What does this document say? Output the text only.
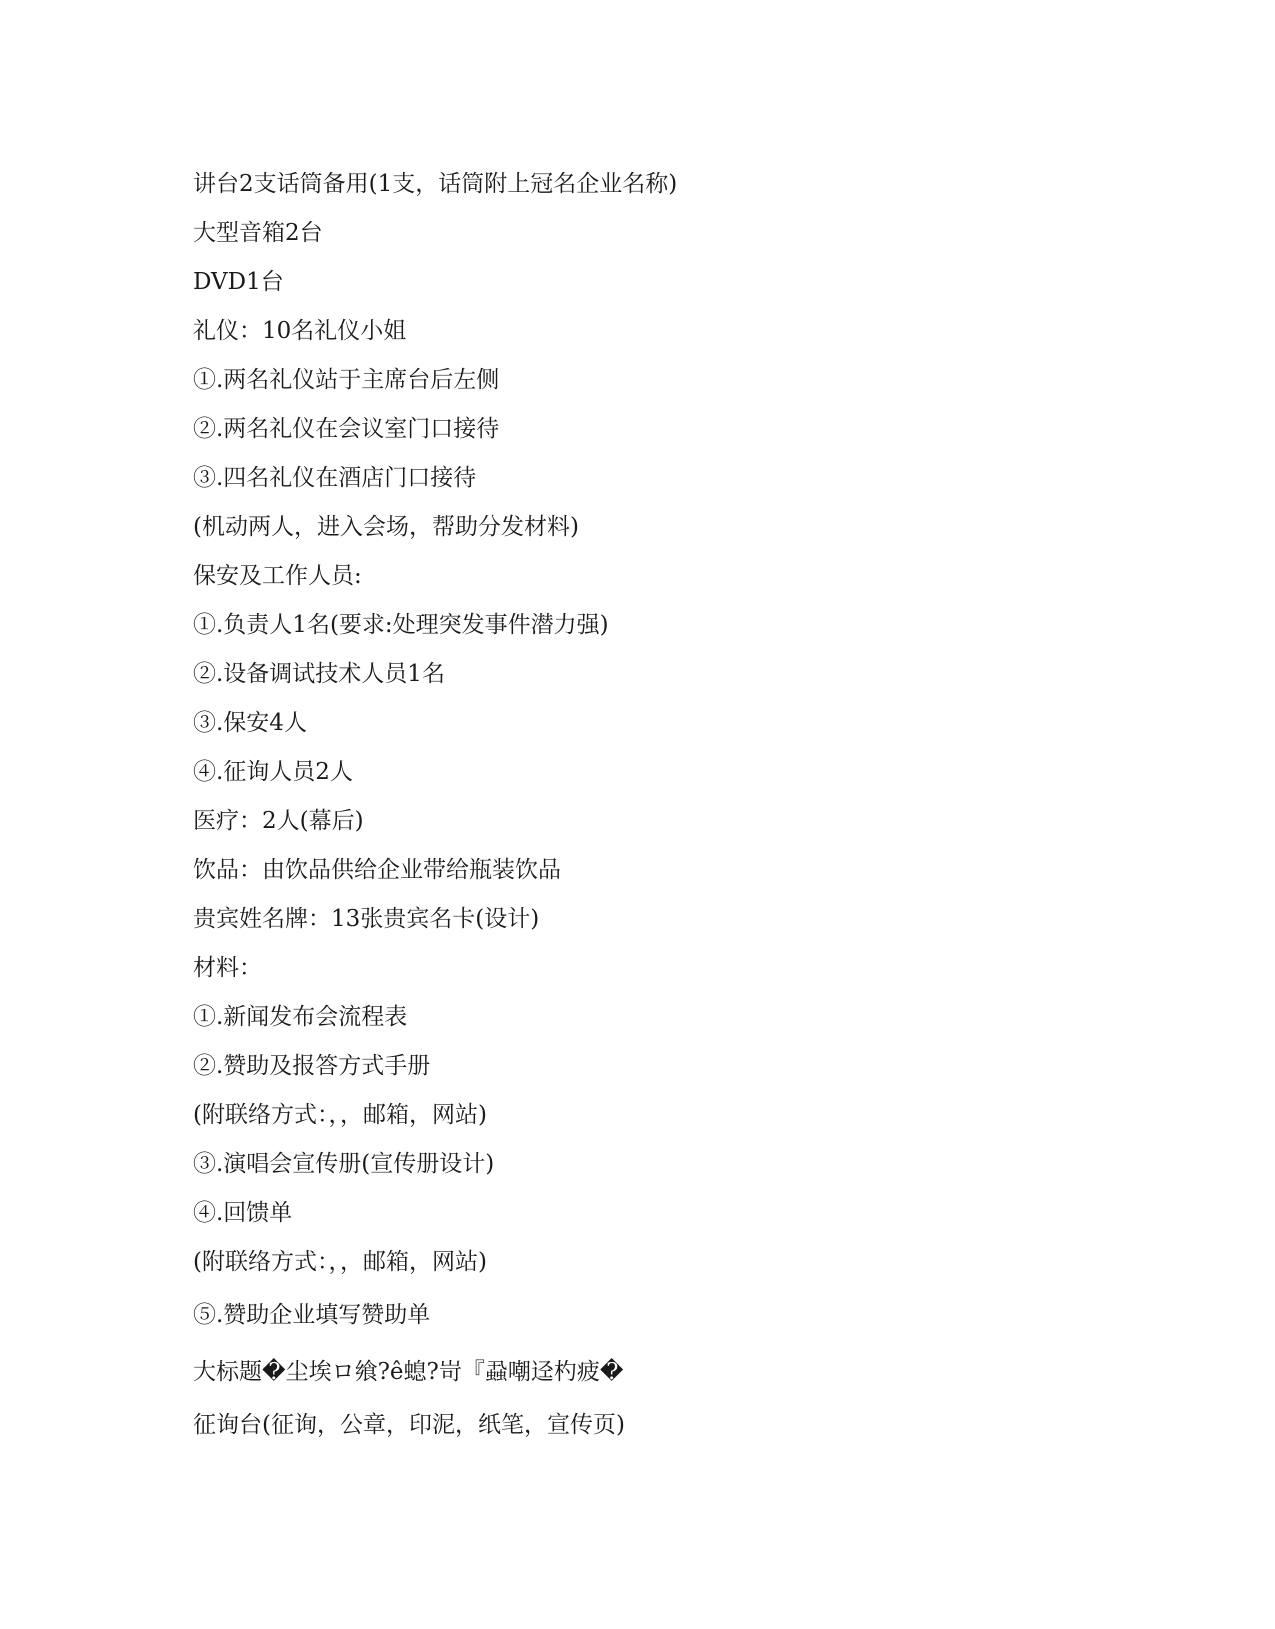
讲台2支话筒备用(1支，话筒附上冠名企业名称)
大型音箱2台
DVD1台
礼仪：10名礼仪小姐
①.两名礼仪站于主席台后左侧
②.两名礼仪在会议室门口接待
③.四名礼仪在酒店门口接待
(机动两人，进入会场，帮助分发材料)
保安及工作人员:
①.负责人1名(要求:处理突发事件潜力强)
②.设备调试技术人员1名
③.保安4人
④.征询人员2人
医疗：2人(幕后)
饮品：由饮品供给企业带给瓶装饮品
贵宾姓名牌：13张贵宾名卡(设计)
材料：
①.新闻发布会流程表
②.赞助及报答方式手册
(附联络方式：，，邮箱，网站)
③.演唱会宣传册(宣传册设计)
④.回馈单
(附联络方式：，，邮箱，网站)
⑤.赞助企业填写赞助单
大标题�尘埃ロ飨?ê螅?岢『蝨嘲迳杓疲�
征询台(征询，公章，印泥，纸笔，宣传页)
